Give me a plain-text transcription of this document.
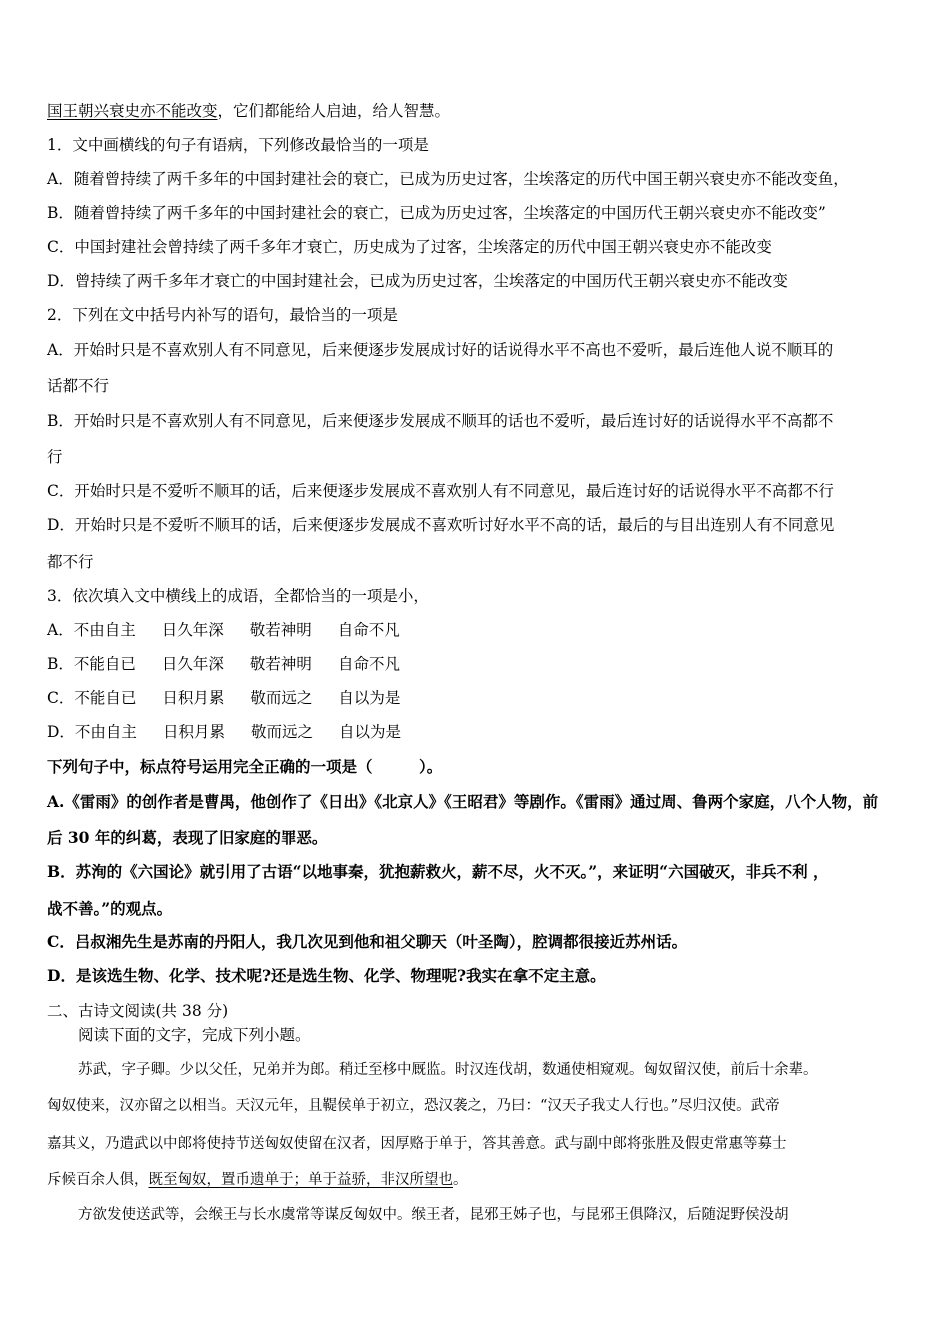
国王朝兴衰史亦不能改变，它们都能给人启迪，给人智慧。
1．文中画横线的句子有语病，下列修改最恰当的一项是
A．随着曾持续了两千多年的中国封建社会的衰亡，已成为历史过客，尘埃落定的历代中国王朝兴衰史亦不能改变鱼，
B．随着曾持续了两千多年的中国封建社会的衰亡，已成为历史过客，尘埃落定的中国历代王朝兴衰史亦不能改变”
C．中国封建社会曾持续了两千多年才衰亡，历史成为了过客，尘埃落定的历代中国王朝兴衰史亦不能改变
D．曾持续了两千多年才衰亡的中国封建社会，已成为历史过客，尘埃落定的中国历代王朝兴衰史亦不能改变
2．下列在文中括号内补写的语句，最恰当的一项是
A．开始时只是不喜欢别人有不同意见，后来便逐步发展成讨好的话说得水平不高也不爱听，最后连他人说不顺耳的
话都不行
B．开始时只是不喜欢别人有不同意见，后来便逐步发展成不顺耳的话也不爱听，最后连讨好的话说得水平不高都不
行
C．开始时只是不爱听不顺耳的话，后来便逐步发展成不喜欢别人有不同意见，最后连讨好的话说得水平不高都不行
D．开始时只是不爱听不顺耳的话，后来便逐步发展成不喜欢听讨好水平不高的话，最后的与目出连别人有不同意见
都不行
3．依次填入文中横线上的成语，全都恰当的一项是小，
A．不由自主 日久年深 敬若神明 自命不凡
B．不能自已 日久年深 敬若神明 自命不凡
C．不能自已 日积月累 敬而远之 自以为是
D．不由自主 日积月累 敬而远之 自以为是
下列句子中，标点符号运用完全正确的一项是（　　　）。
A.《雷雨》的创作者是曹禺，他创作了《日出》《北京人》《王昭君》等剧作。《雷雨》通过周、鲁两个家庭，八个人物，前
后 30 年的纠葛，表现了旧家庭的罪恶。
B．苏洵的《六国论》就引用了古语“以地事秦，犹抱薪救火，薪不尽，火不灭。”，来证明“六国破灭，非兵不利 ，
战不善。”的观点。
C．吕叔湘先生是苏南的丹阳人，我几次见到他和祖父聊天（叶圣陶），腔调都很接近苏州话。
D．是该选生物、化学、技术呢?还是选生物、化学、物理呢?我实在拿不定主意。
二、古诗文阅读(共 38 分)
阅读下面的文字，完成下列小题。
苏武，字子卿。少以父任，兄弟并为郎。稍迁至栘中厩监。时汉连伐胡，数通使相窥观。匈奴留汉使，前后十余辈。
匈奴使来，汉亦留之以相当。天汉元年，且鞮侯单于初立，恐汉袭之，乃曰：“汉天子我丈人行也。”尽归汉使。武帝
嘉其义，乃遣武以中郎将使持节送匈奴使留在汉者，因厚赂于单于，答其善意。武与副中郎将张胜及假吏常惠等募士
斥候百余人俱，既至匈奴，置币遗单于；单于益骄，非汉所望也。
方欲发使送武等，会缑王与长水虞常等谋反匈奴中。缑王者，昆邪王姊子也，与昆邪王俱降汉，后随浞野侯没胡
